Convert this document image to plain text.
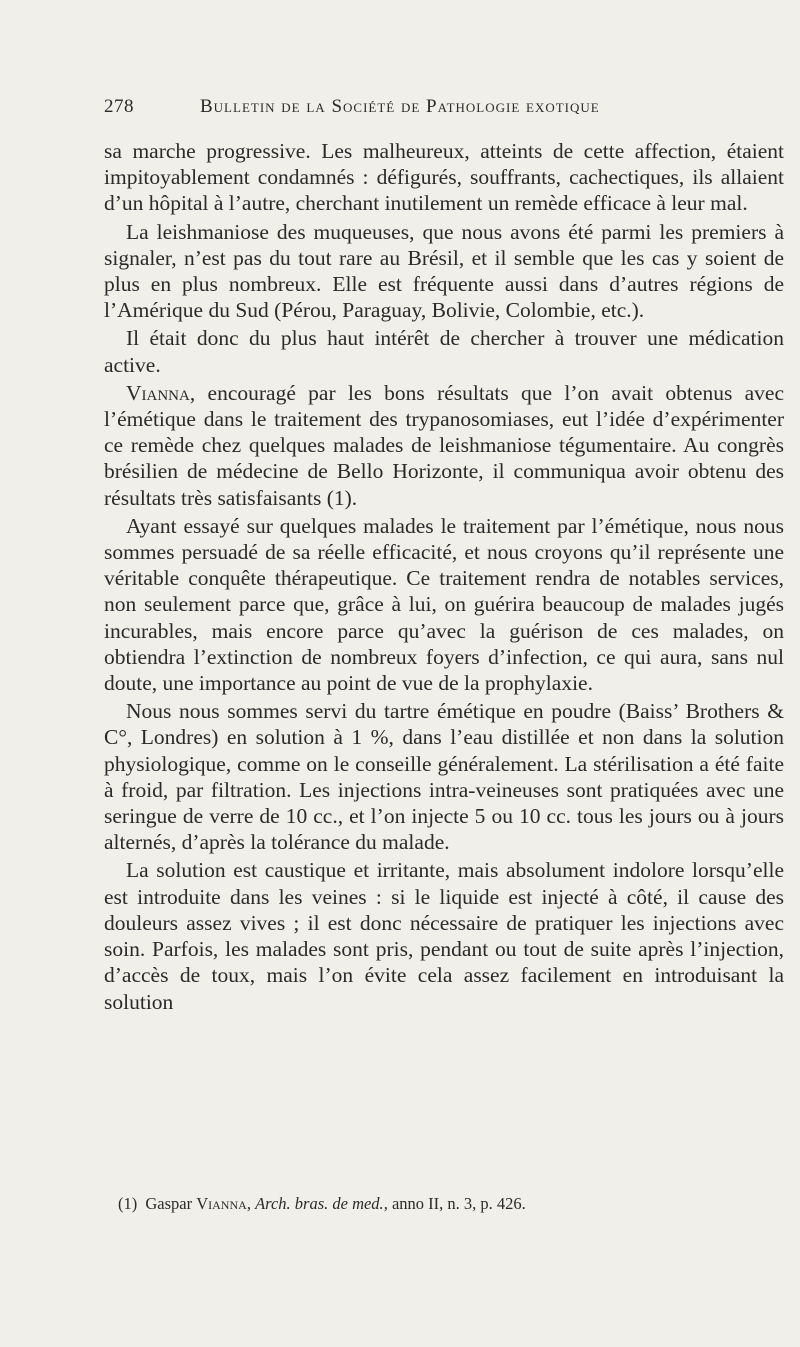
278	Bulletin de la Société de Pathologie exotique

sa marche progressive. Les malheureux, atteints de cette affection, étaient impitoyablement condamnés : défigurés, souffrants, cachectiques, ils allaient d’un hôpital à l’autre, cherchant inutilement un remède efficace à leur mal.

La leishmaniose des muqueuses, que nous avons été parmi les premiers à signaler, n’est pas du tout rare au Brésil, et il semble que les cas y soient de plus en plus nombreux. Elle est fréquente aussi dans d’autres régions de l’Amérique du Sud (Pérou, Paraguay, Bolivie, Colombie, etc.).

Il était donc du plus haut intérêt de chercher à trouver une médication active.

Vianna, encouragé par les bons résultats que l’on avait obtenus avec l’émétique dans le traitement des trypanosomiases, eut l’idée d’expérimenter ce remède chez quelques malades de leishmaniose tégumentaire. Au congrès brésilien de médecine de Bello Horizonte, il communiqua avoir obtenu des résultats très satisfaisants (1).

Ayant essayé sur quelques malades le traitement par l’émétique, nous nous sommes persuadé de sa réelle efficacité, et nous croyons qu’il représente une véritable conquête thérapeutique. Ce traitement rendra de notables services, non seulement parce que, grâce à lui, on guérira beaucoup de malades jugés incurables, mais encore parce qu’avec la guérison de ces malades, on obtiendra l’extinction de nombreux foyers d’infection, ce qui aura, sans nul doute, une importance au point de vue de la prophylaxie.

Nous nous sommes servi du tartre émétique en poudre (Baiss’ Brothers & C°, Londres) en solution à 1 %, dans l’eau distillée et non dans la solution physiologique, comme on le conseille généralement. La stérilisation a été faite à froid, par filtration. Les injections intra-veineuses sont pratiquées avec une seringue de verre de 10 cc., et l’on injecte 5 ou 10 cc. tous les jours ou à jours alternés, d’après la tolérance du malade.

La solution est caustique et irritante, mais absolument indolore lorsqu’elle est introduite dans les veines : si le liquide est injecté à côté, il cause des douleurs assez vives ; il est donc nécessaire de pratiquer les injections avec soin. Parfois, les malades sont pris, pendant ou tout de suite après l’injection, d’accès de toux, mais l’on évite cela assez facilement en introduisant la solution

(1) Gaspar Vianna, Arch. bras. de med., anno II, n. 3, p. 426.
